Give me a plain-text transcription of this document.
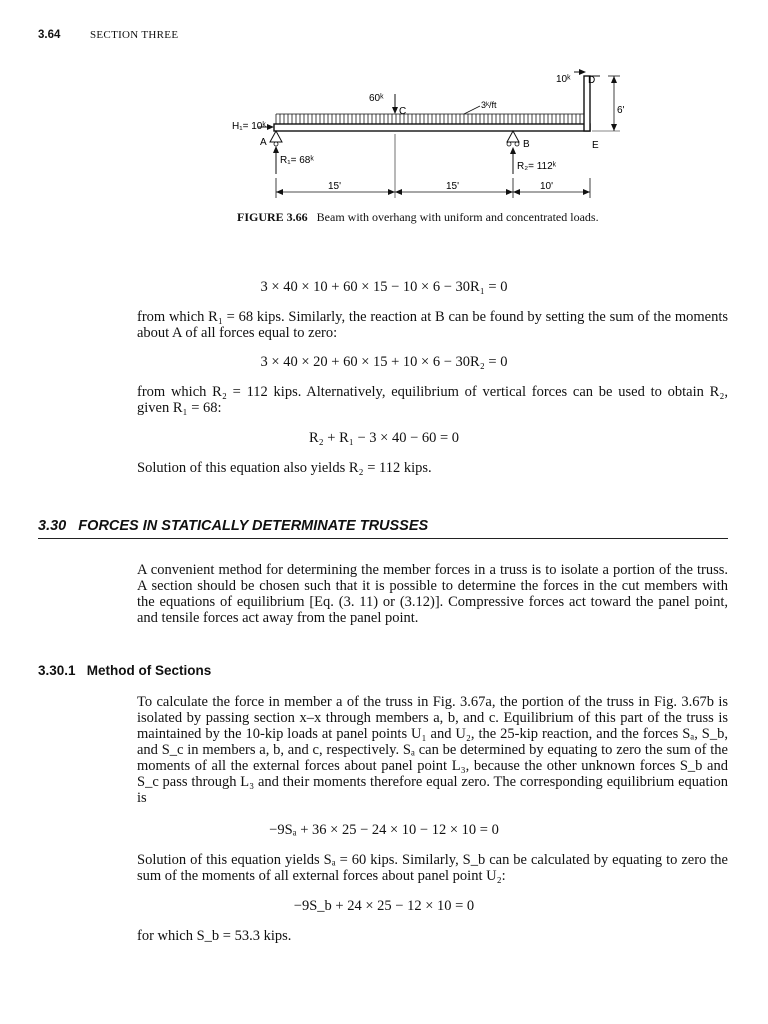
3.64	SECTION THREE
6'
10ᵏ D
60ᵏ
C
3ᵏ/ft
H₁= 10ᵏ
A
R₁= 68ᵏ
B
R₂= 112ᵏ
E
15'	15'	10'
FIGURE 3.66 Beam with overhang with uniform and concentrated loads.
3 × 40 × 10 + 60 × 15 − 10 × 6 − 30R₁ = 0
from which R₁ = 68 kips. Similarly, the reaction at B can be found by setting the sum of the moments about A of all forces equal to zero:
3 × 40 × 20 + 60 × 15 + 10 × 6 − 30R₂ = 0
from which R₂ = 112 kips. Alternatively, equilibrium of vertical forces can be used to obtain R₂, given R₁ = 68:
R₂ + R₁ − 3 × 40 − 60 = 0
Solution of this equation also yields R₂ = 112 kips.
3.30   FORCES IN STATICALLY DETERMINATE TRUSSES
A convenient method for determining the member forces in a truss is to isolate a portion of the truss. A section should be chosen such that it is possible to determine the forces in the cut members with the equations of equilibrium [Eq. (3. 11) or (3.12)]. Compressive forces act toward the panel point, and tensile forces act away from the panel point.
3.30.1   Method of Sections
To calculate the force in member a of the truss in Fig. 3.67a, the portion of the truss in Fig. 3.67b is isolated by passing section x–x through members a, b, and c. Equilibrium of this part of the truss is maintained by the 10-kip loads at panel points U₁ and U₂, the 25-kip reaction, and the forces Sₐ, S_b, and S_c in members a, b, and c, respectively. Sₐ can be determined by equating to zero the sum of the moments of all the external forces about panel point L₃, because the other unknown forces S_b and S_c pass through L₃ and their moments therefore equal zero. The corresponding equilibrium equation is
−9Sₐ + 36 × 25 − 24 × 10 − 12 × 10 = 0
Solution of this equation yields Sₐ = 60 kips. Similarly, S_b can be calculated by equating to zero the sum of the moments of all external forces about panel point U₂:
−9S_b + 24 × 25 − 12 × 10 = 0
for which S_b = 53.3 kips.
